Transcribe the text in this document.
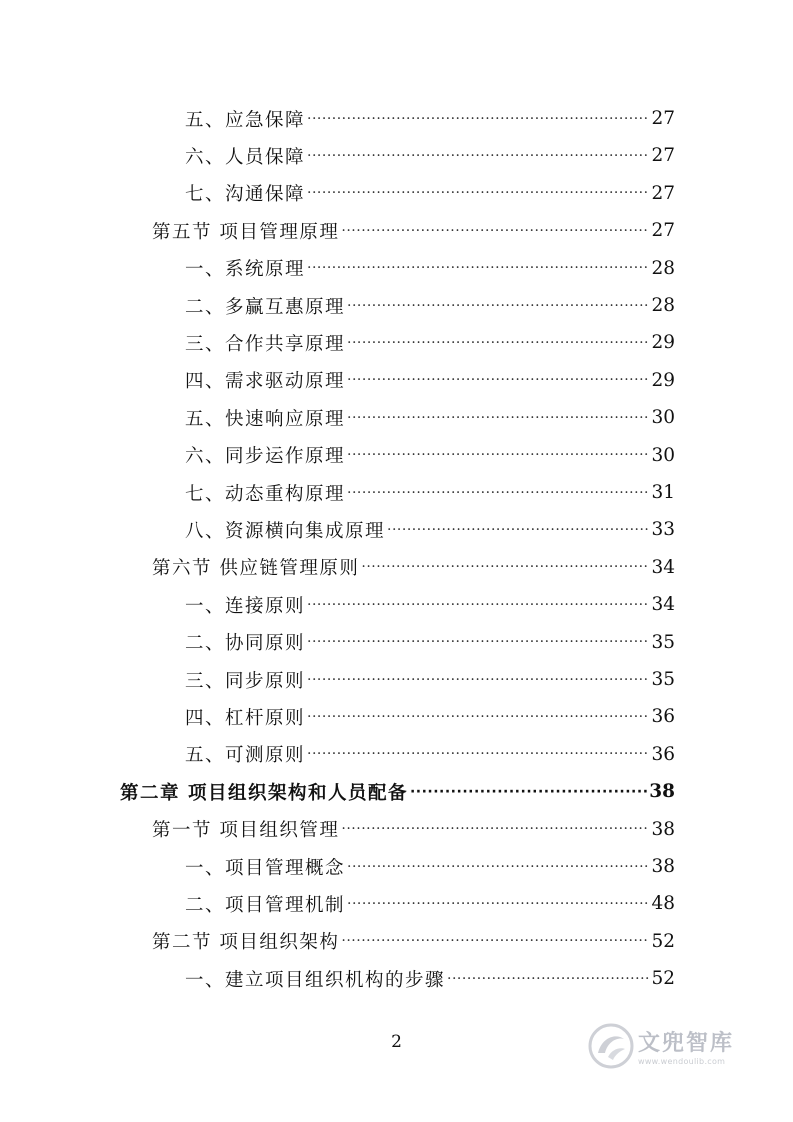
五、应急保障 ·····	27
六、人员保障 ·····	27
七、沟通保障 ·····	27
第五节 项目管理原理 ·····	27
一、系统原理 ·····	28
二、多赢互惠原理 ·····	28
三、合作共享原理 ·····	29
四、需求驱动原理 ·····	29
五、快速响应原理 ·····	30
六、同步运作原理 ·····	30
七、动态重构原理 ·····	31
八、资源横向集成原理 ·····	33
第六节 供应链管理原则 ·····	34
一、连接原则 ·····	34
二、协同原则 ·····	35
三、同步原则 ·····	35
四、杠杆原则 ·····	36
五、可测原则 ·····	36
第二章 项目组织架构和人员配备 ·····	38
第一节 项目组织管理 ·····	38
一、项目管理概念 ·····	38
二、项目管理机制 ·····	48
第二节 项目组织架构 ·····	52
一、建立项目组织机构的步骤 ·····	52
2	文兜智库
www.wendoulib.com
